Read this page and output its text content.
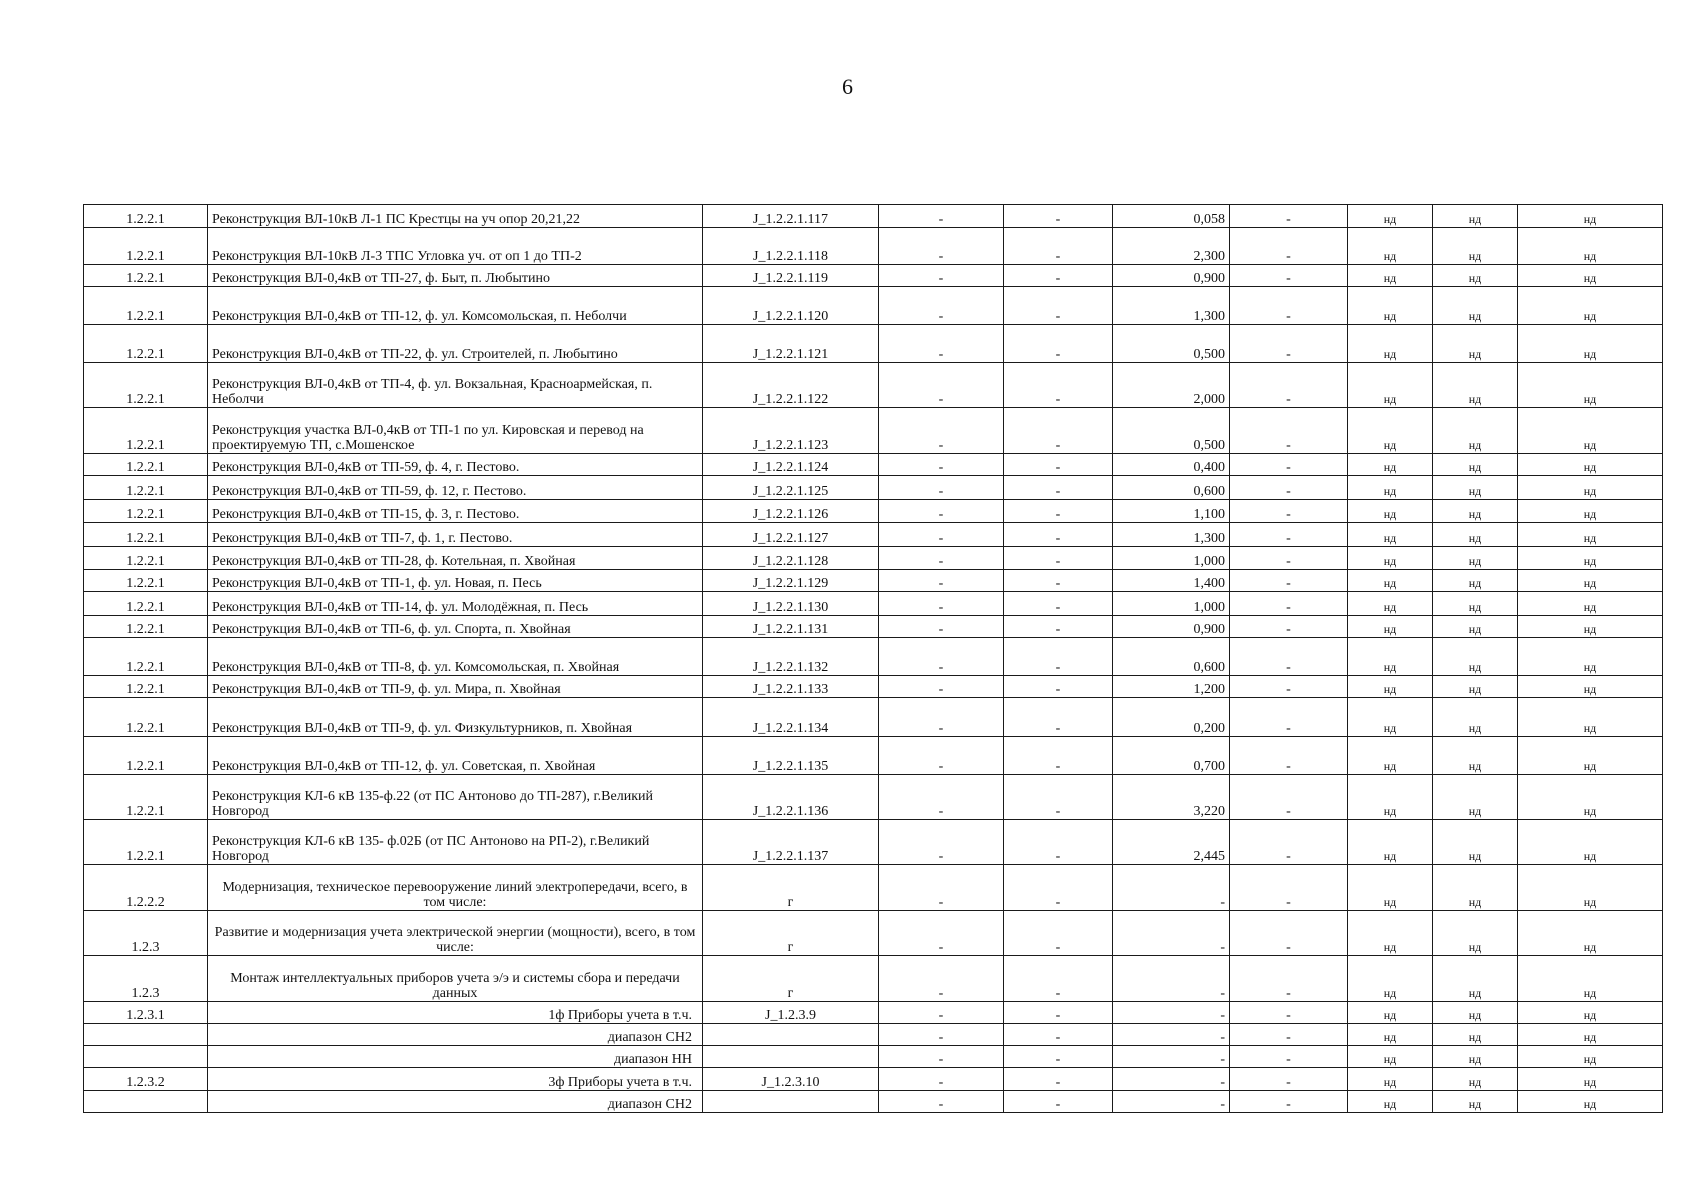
6
1.2.2.1	Реконструкция ВЛ-10кВ Л-1 ПС Крестцы на уч опор 20,21,22	J_1.2.2.1.117	-	-	0,058	-	нд	нд	нд
1.2.2.1	Реконструкция ВЛ-10кВ Л-3 ТПС Угловка уч. от оп 1 до ТП-2	J_1.2.2.1.118	-	-	2,300	-	нд	нд	нд
1.2.2.1	Реконструкция ВЛ-0,4кВ от ТП-27, ф. Быт, п. Любытино	J_1.2.2.1.119	-	-	0,900	-	нд	нд	нд
1.2.2.1	Реконструкция ВЛ-0,4кВ от ТП-12, ф. ул. Комсомольская, п. Неболчи	J_1.2.2.1.120	-	-	1,300	-	нд	нд	нд
1.2.2.1	Реконструкция ВЛ-0,4кВ от ТП-22, ф. ул. Строителей, п. Любытино	J_1.2.2.1.121	-	-	0,500	-	нд	нд	нд
1.2.2.1	Реконструкция ВЛ-0,4кВ от ТП-4, ф. ул. Вокзальная, Красноармейская, п. Неболчи	J_1.2.2.1.122	-	-	2,000	-	нд	нд	нд
1.2.2.1	Реконструкция участка ВЛ-0,4кВ от ТП-1 по ул. Кировская и перевод на проектируемую ТП, с.Мошенское	J_1.2.2.1.123	-	-	0,500	-	нд	нд	нд
1.2.2.1	Реконструкция ВЛ-0,4кВ от ТП-59, ф. 4, г. Пестово.	J_1.2.2.1.124	-	-	0,400	-	нд	нд	нд
1.2.2.1	Реконструкция ВЛ-0,4кВ от ТП-59, ф. 12, г. Пестово.	J_1.2.2.1.125	-	-	0,600	-	нд	нд	нд
1.2.2.1	Реконструкция ВЛ-0,4кВ от ТП-15, ф. 3, г. Пестово.	J_1.2.2.1.126	-	-	1,100	-	нд	нд	нд
1.2.2.1	Реконструкция ВЛ-0,4кВ от ТП-7, ф. 1, г. Пестово.	J_1.2.2.1.127	-	-	1,300	-	нд	нд	нд
1.2.2.1	Реконструкция ВЛ-0,4кВ от ТП-28, ф. Котельная, п. Хвойная	J_1.2.2.1.128	-	-	1,000	-	нд	нд	нд
1.2.2.1	Реконструкция ВЛ-0,4кВ от ТП-1, ф. ул. Новая, п. Песь	J_1.2.2.1.129	-	-	1,400	-	нд	нд	нд
1.2.2.1	Реконструкция ВЛ-0,4кВ от ТП-14, ф. ул. Молодёжная, п. Песь	J_1.2.2.1.130	-	-	1,000	-	нд	нд	нд
1.2.2.1	Реконструкция ВЛ-0,4кВ от ТП-6, ф. ул. Спорта, п. Хвойная	J_1.2.2.1.131	-	-	0,900	-	нд	нд	нд
1.2.2.1	Реконструкция ВЛ-0,4кВ от ТП-8, ф. ул. Комсомольская, п. Хвойная	J_1.2.2.1.132	-	-	0,600	-	нд	нд	нд
1.2.2.1	Реконструкция ВЛ-0,4кВ от ТП-9, ф. ул. Мира, п. Хвойная	J_1.2.2.1.133	-	-	1,200	-	нд	нд	нд
1.2.2.1	Реконструкция ВЛ-0,4кВ от ТП-9, ф. ул. Физкультурников, п. Хвойная	J_1.2.2.1.134	-	-	0,200	-	нд	нд	нд
1.2.2.1	Реконструкция ВЛ-0,4кВ от ТП-12, ф. ул. Советская, п. Хвойная	J_1.2.2.1.135	-	-	0,700	-	нд	нд	нд
1.2.2.1	Реконструкция КЛ-6 кВ 135-ф.22 (от ПС Антоново до ТП-287), г.Великий Новгород	J_1.2.2.1.136	-	-	3,220	-	нд	нд	нд
1.2.2.1	Реконструкция КЛ-6 кВ 135- ф.02Б (от ПС Антоново на РП-2), г.Великий Новгород	J_1.2.2.1.137	-	-	2,445	-	нд	нд	нд
1.2.2.2	Модернизация, техническое перевооружение линий электропередачи, всего, в том числе:	г	-	-	-	-	нд	нд	нд
1.2.3	Развитие и модернизация учета электрической энергии (мощности), всего, в том числе:	г	-	-	-	-	нд	нд	нд
1.2.3	Монтаж интеллектуальных приборов учета э/э и системы сбора и передачи данных	г	-	-	-	-	нд	нд	нд
1.2.3.1	1ф Приборы учета в т.ч.	J_1.2.3.9	-	-	-	-	нд	нд	нд
	диапазон СН2		-	-	-	-	нд	нд	нд
	диапазон НН		-	-	-	-	нд	нд	нд
1.2.3.2	3ф Приборы учета в т.ч.	J_1.2.3.10	-	-	-	-	нд	нд	нд
	диапазон СН2		-	-	-	-	нд	нд	нд
